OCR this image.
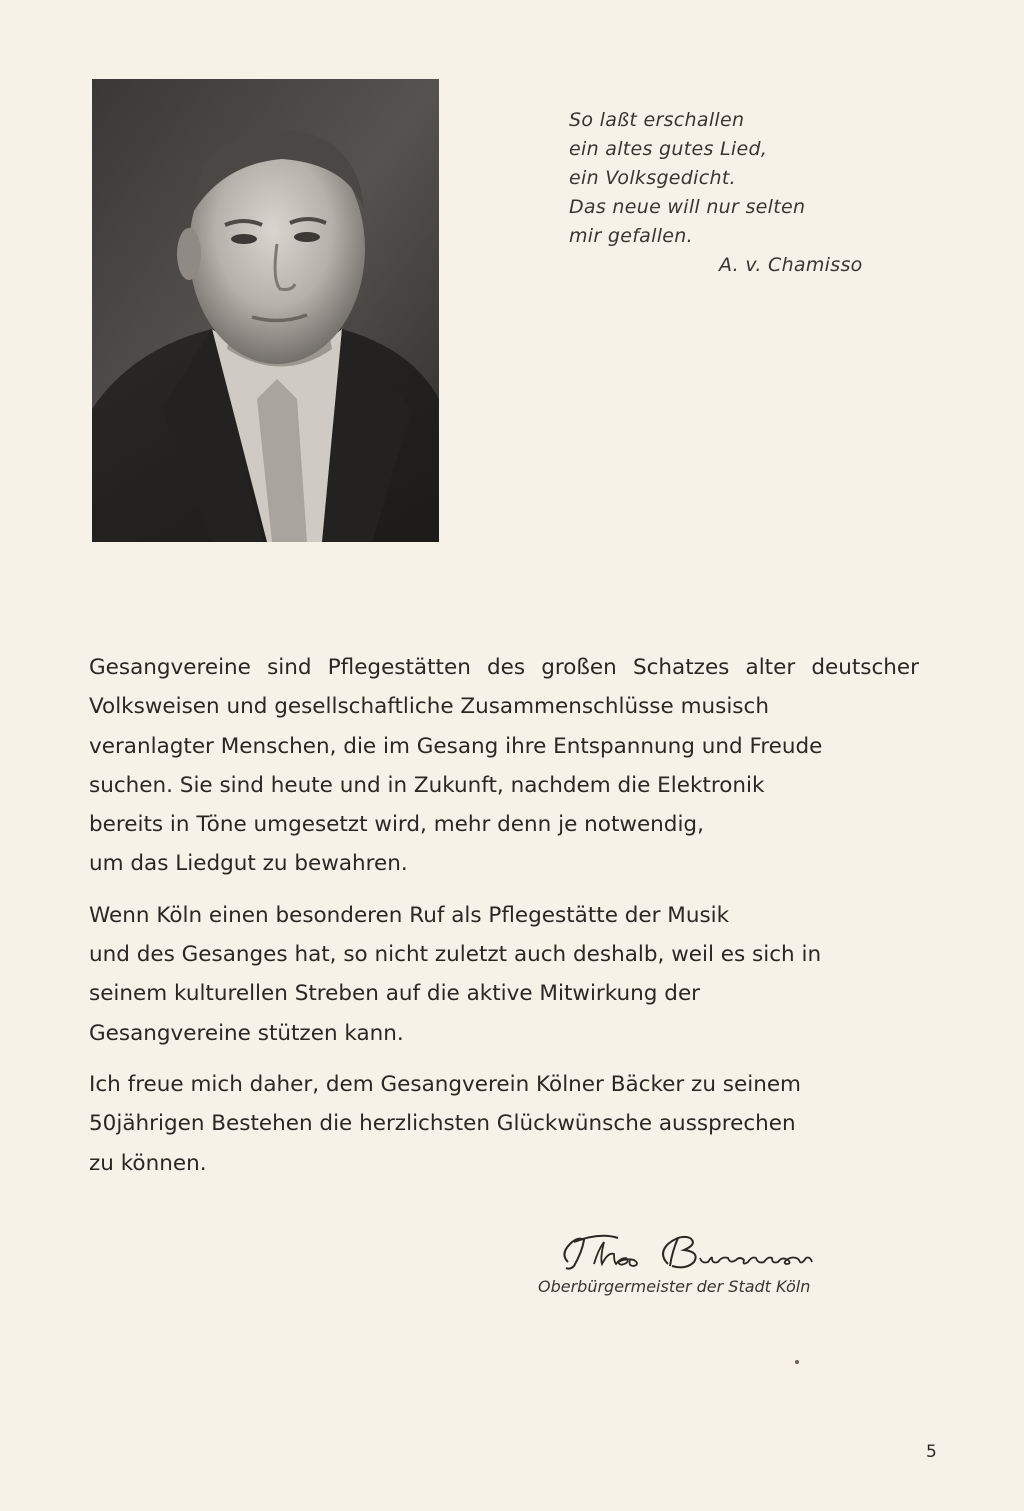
So laßt erschallen
ein altes gutes Lied,
ein Volksgedicht.
Das neue will nur selten
mir gefallen.
A. v. Chamisso

Gesangvereine sind Pflegestätten des großen Schatzes alter deutscher
Volksweisen und gesellschaftliche Zusammenschlüsse musisch
veranlagter Menschen, die im Gesang ihre Entspannung und Freude
suchen. Sie sind heute und in Zukunft, nachdem die Elektronik
bereits in Töne umgesetzt wird, mehr denn je notwendig,
um das Liedgut zu bewahren.

Wenn Köln einen besonderen Ruf als Pflegestätte der Musik
und des Gesanges hat, so nicht zuletzt auch deshalb, weil es sich in
seinem kulturellen Streben auf die aktive Mitwirkung der
Gesangvereine stützen kann.

Ich freue mich daher, dem Gesangverein Kölner Bäcker zu seinem
50jährigen Bestehen die herzlichsten Glückwünsche aussprechen
zu können.

Oberbürgermeister der Stadt Köln
5
